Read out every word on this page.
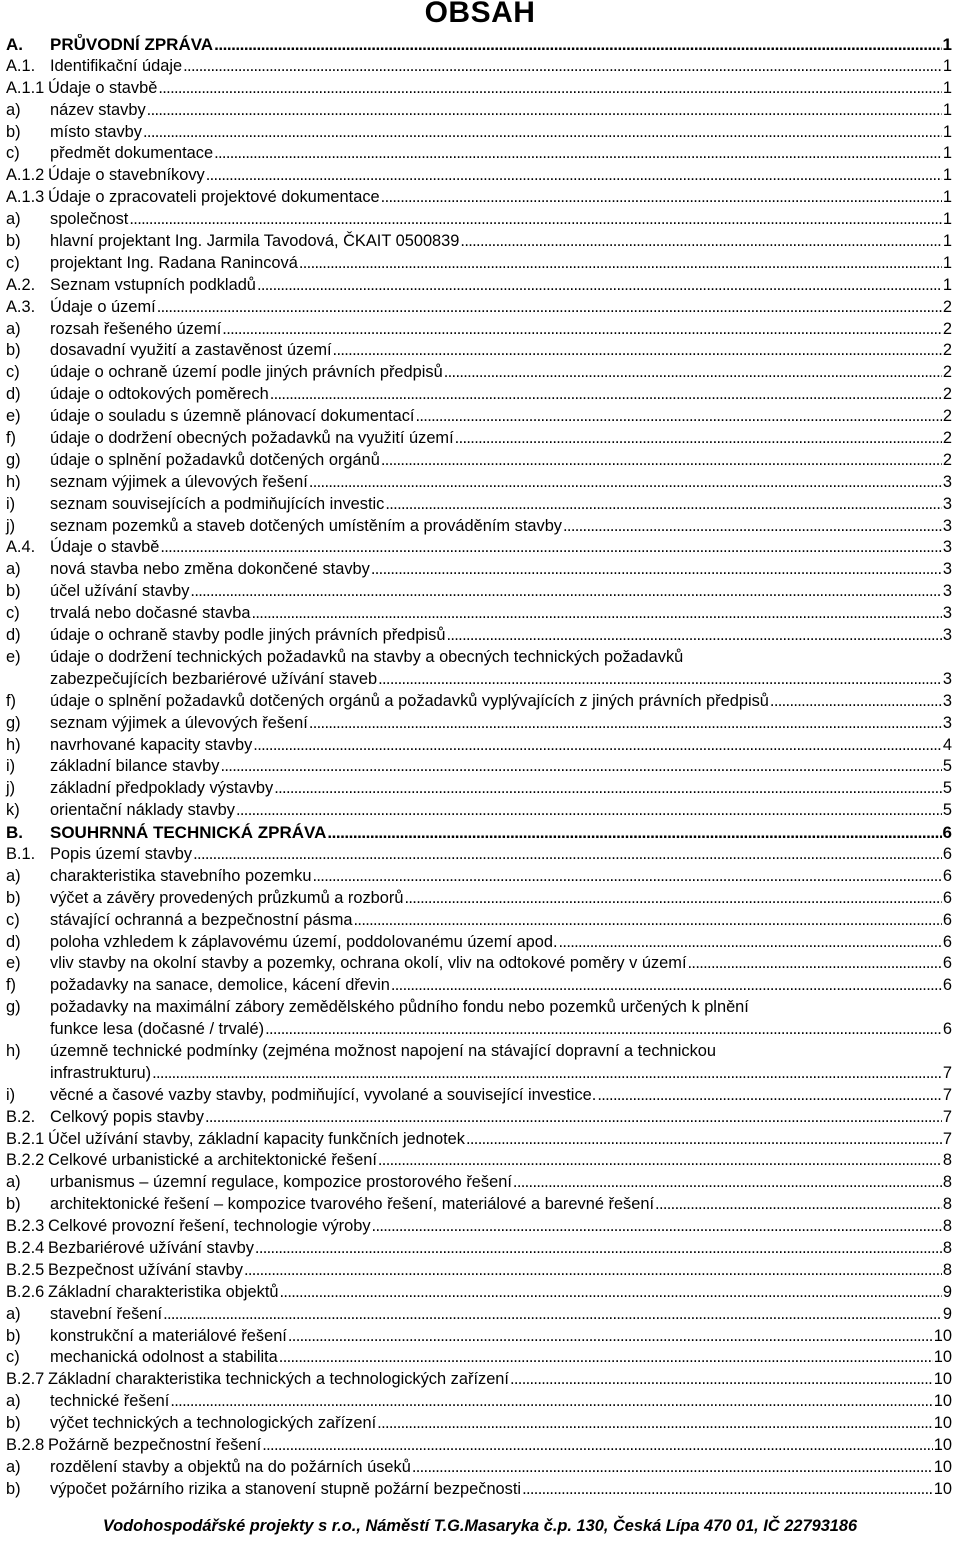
OBSAH
A. PRŮVODNÍ ZPRÁVA . . .	1
A.1. Identifikační údaje . . .	1
A.1.1 Údaje o stavbě . . .	1
a) název stavby . . .	1
b) místo stavby . . .	1
c) předmět dokumentace . . .	1
A.1.2 Údaje o stavebníkovy . . .	1
A.1.3 Údaje o zpracovateli projektové dokumentace . . .	1
a) společnost . . .	1
b) hlavní projektant Ing. Jarmila Tavodová, ČKAIT 0500839 . . .	1
c) projektant Ing. Radana Ranincová . . .	1
A.2. Seznam vstupních podkladů . . .	1
A.3. Údaje o území . . .	2
a) rozsah řešeného území . . .	2
b) dosavadní využití a zastavěnost území . . .	2
c) údaje o ochraně území podle jiných právních předpisů . . .	2
d) údaje o odtokových poměrech . . .	2
e) údaje o souladu s územně plánovací dokumentací . . .	2
f) údaje o dodržení obecných požadavků na využití území . . .	2
g) údaje o splnění požadavků dotčených orgánů . . .	2
h) seznam výjimek a úlevových řešení . . .	3
i) seznam souvisejících a podmiňujících investic . . .	3
j) seznam pozemků a staveb dotčených umístěním a prováděním stavby . . .	3
A.4. Údaje o stavbě . . .	3
a) nová stavba nebo změna dokončené stavby . . .	3
b) účel užívání stavby . . .	3
c) trvalá nebo dočasné stavba . . .	3
d) údaje o ochraně stavby podle jiných právních předpisů . . .	3
e) údaje o dodržení technických požadavků na stavby a obecných technických požadavků
zabezpečujících bezbariérové užívání staveb . . .	3
f) údaje o splnění požadavků dotčených orgánů a požadavků vyplývajících z jiných právních předpisů . . .	3
g) seznam výjimek a úlevových řešení . . .	3
h) navrhované kapacity stavby . . .	4
i) základní bilance stavby . . .	5
j) základní předpoklady výstavby . . .	5
k) orientační náklady stavby . . .	5
B. SOUHRNNÁ TECHNICKÁ ZPRÁVA . . .	6
B.1. Popis území stavby . . .	6
a) charakteristika stavebního pozemku . . .	6
b) výčet a závěry provedených průzkumů a rozborů . . .	6
c) stávající ochranná a bezpečnostní pásma . . .	6
d) poloha vzhledem k záplavovému území, poddolovanému území apod. . . .	6
e) vliv stavby na okolní stavby a pozemky, ochrana okolí, vliv na odtokové poměry v území . . .	6
f) požadavky na sanace, demolice, kácení dřevin . . .	6
g) požadavky na maximální zábory zemědělského půdního fondu nebo pozemků určených k plnění
funkce lesa (dočasné / trvalé) . . .	6
h) územně technické podmínky (zejména možnost napojení na stávající dopravní a technickou
infrastrukturu) . . .	7
i) věcné a časové vazby stavby, podmiňující, vyvolané a související investice. . . .	7
B.2. Celkový popis stavby . . .	7
B.2.1 Účel užívání stavby, základní kapacity funkčních jednotek . . .	7
B.2.2 Celkové urbanistické a architektonické řešení . . .	8
a) urbanismus – územní regulace, kompozice prostorového řešení . . .	8
b) architektonické řešení – kompozice tvarového řešení, materiálové a barevné řešení . . .	8
B.2.3 Celkové provozní řešení, technologie výroby . . .	8
B.2.4 Bezbariérové užívání stavby . . .	8
B.2.5 Bezpečnost užívání stavby . . .	8
B.2.6 Základní charakteristika objektů . . .	9
a) stavební řešení . . .	9
b) konstrukční a materiálové řešení . . .	10
c) mechanická odolnost a stabilita . . .	10
B.2.7 Základní charakteristika technických a technologických zařízení . . .	10
a) technické řešení . . .	10
b) výčet technických a technologických zařízení . . .	10
B.2.8 Požárně bezpečnostní řešení . . .	10
a) rozdělení stavby a objektů na do požárních úseků . . .	10
b) výpočet požárního rizika a stanovení stupně požární bezpečnosti . . .	10
Vodohospodářské projekty s r.o., Náměstí T.G.Masaryka č.p. 130, Česká Lípa 470 01, IČ 22793186
